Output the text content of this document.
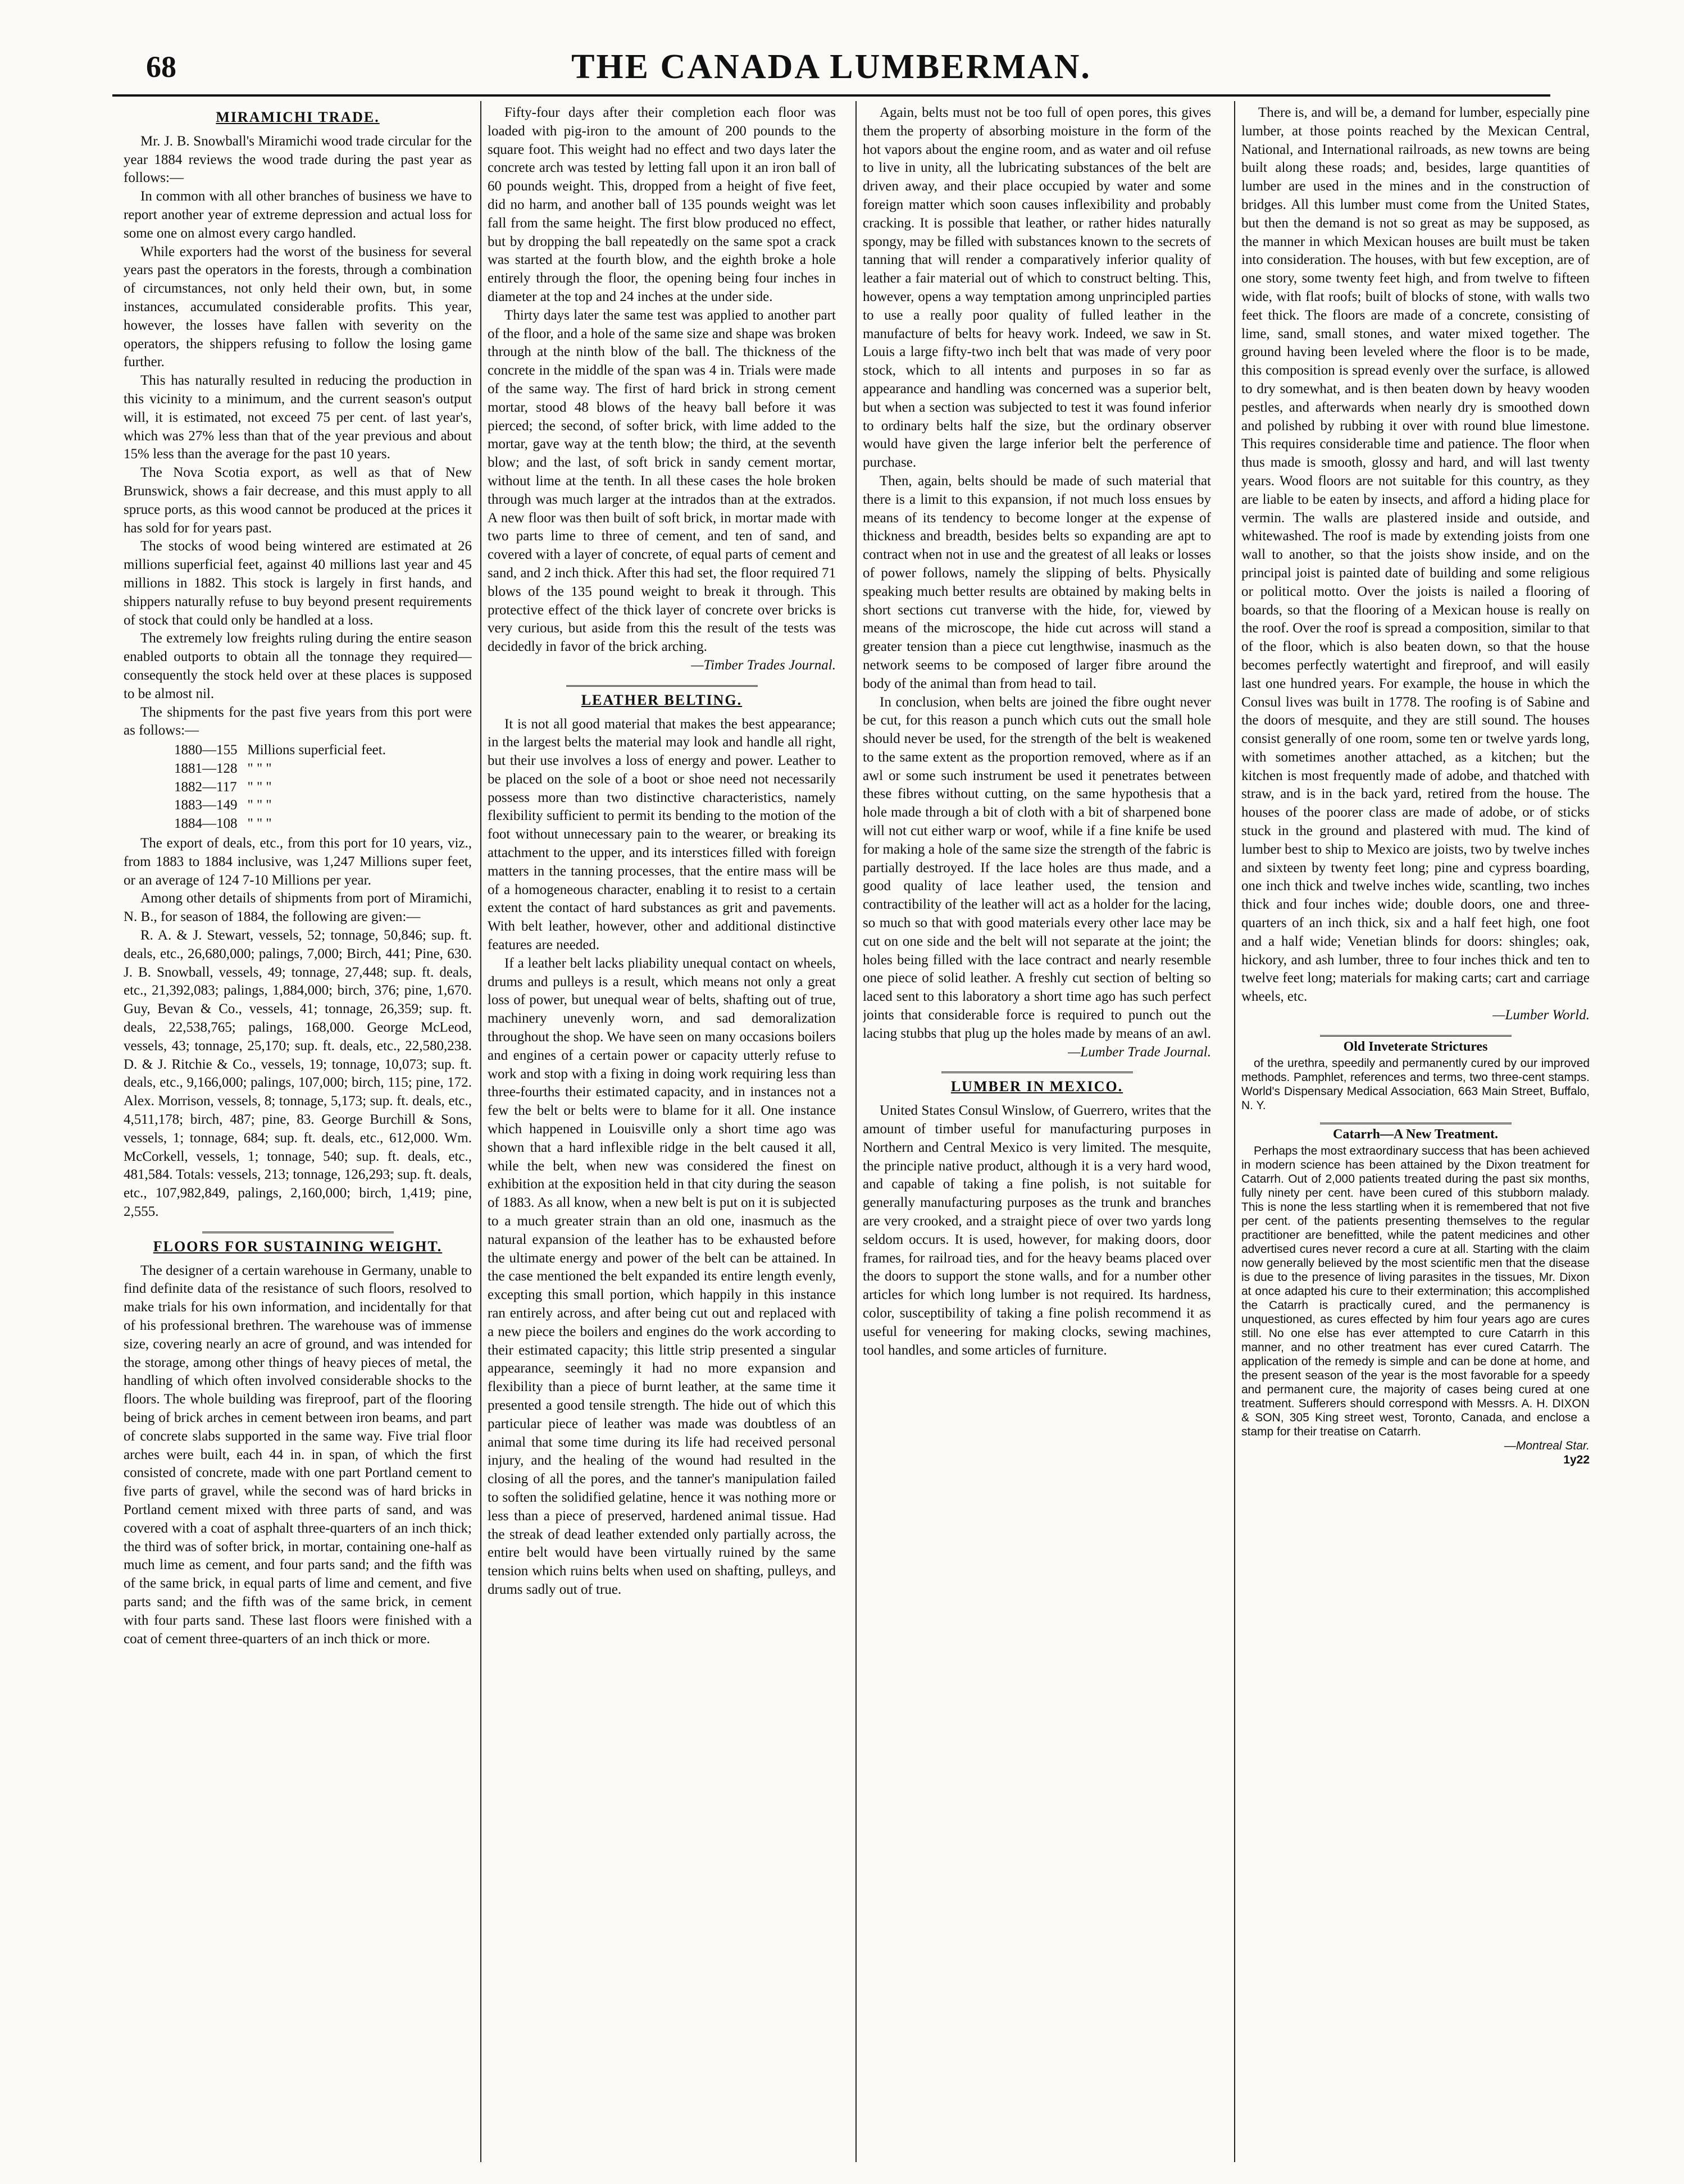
68	THE CANADA LUMBERMAN.
MIRAMICHI TRADE.

Mr. J. B. Snowball's Miramichi wood trade circular for the year 1884 reviews the wood trade during the past year as follows:—

In common with all other branches of business we have to report another year of extreme depression and actual loss for some one on almost every cargo handled.

While exporters had the worst of the business for several years past the operators in the forests, through a combination of circumstances, not only held their own, but, in some instances, accumulated considerable profits. This year, however, the losses have fallen with severity on the operators, the shippers refusing to follow the losing game further.

This has naturally resulted in reducing the production in this vicinity to a minimum, and the current season's output will, it is estimated, not exceed 75 per cent. of last year's, which was 27% less than that of the year previous and about 15% less than the average for the past 10 years.

The Nova Scotia export, as well as that of New Brunswick, shows a fair decrease, and this must apply to all spruce ports, as this wood cannot be produced at the prices it has sold for for years past.

The stocks of wood being wintered are estimated at 26 millions superficial feet, against 40 millions last year and 45 millions in 1882. This stock is largely in first hands, and shippers naturally refuse to buy beyond present requirements of stock that could only be handled at a loss.

The extremely low freights ruling during the entire season enabled outports to obtain all the tonnage they required—consequently the stock held over at these places is supposed to be almost nil.

The shipments for the past five years from this port were as follows:—

1880—155	Millions superficial feet.
1881—128	" " "
1882—117	" " "
1883—149	" " "
1884—108	" " "

The export of deals, etc., from this port for 10 years, viz., from 1883 to 1884 inclusive, was 1,247 Millions super feet, or an average of 124 7-10 Millions per year.

Among other details of shipments from port of Miramichi, N. B., for season of 1884, the following are given:—

R. A. & J. Stewart, vessels, 52; tonnage, 50,846; sup. ft. deals, etc., 26,680,000; palings, 7,000; Birch, 441; Pine, 630. J. B. Snowball, vessels, 49; tonnage, 27,448; sup. ft. deals, etc., 21,392,083; palings, 1,884,000; birch, 376; pine, 1,670. Guy, Bevan & Co., vessels, 41; tonnage, 26,359; sup. ft. deals, 22,538,765; palings, 168,000. George McLeod, vessels, 43; tonnage, 25,170; sup. ft. deals, etc., 22,580,238. D. & J. Ritchie & Co., vessels, 19; tonnage, 10,073; sup. ft. deals, etc., 9,166,000; palings, 107,000; birch, 115; pine, 172. Alex. Morrison, vessels, 8; tonnage, 5,173; sup. ft. deals, etc., 4,511,178; birch, 487; pine, 83. George Burchill & Sons, vessels, 1; tonnage, 684; sup. ft. deals, etc., 612,000. Wm. McCorkell, vessels, 1; tonnage, 540; sup. ft. deals, etc., 481,584. Totals: vessels, 213; tonnage, 126,293; sup. ft. deals, etc., 107,982,849, palings, 2,160,000; birch, 1,419; pine, 2,555.

FLOORS FOR SUSTAINING WEIGHT.

The designer of a certain warehouse in Germany, unable to find definite data of the resistance of such floors, resolved to make trials for his own information, and incidentally for that of his professional brethren. The warehouse was of immense size, covering nearly an acre of ground, and was intended for the storage, among other things of heavy pieces of metal, the handling of which often involved considerable shocks to the floors. The whole building was fireproof, part of the flooring being of brick arches in cement between iron beams, and part of concrete slabs supported in the same way. Five trial floor arches were built, each 44 in. in span, of which the first consisted of concrete, made with one part Portland cement to five parts of gravel, while the second was of hard bricks in Portland cement mixed with three parts of sand, and was covered with a coat of asphalt three-quarters of an inch thick; the third was of softer brick, in mortar, containing one-half as much lime as cement, and four parts sand; and the fifth was of the same brick, in equal parts of lime and cement, and five parts sand; and the fifth was of the same brick, in cement with four parts sand. These last floors were finished with a coat of cement three-quarters of an inch thick or more.

Fifty-four days after their completion each floor was loaded with pig-iron to the amount of 200 pounds to the square foot. This weight had no effect and two days later the concrete arch was tested by letting fall upon it an iron ball of 60 pounds weight. This, dropped from a height of five feet, did no harm, and another ball of 135 pounds weight was let fall from the same height. The first blow produced no effect, but by dropping the ball repeatedly on the same spot a crack was started at the fourth blow, and the eighth broke a hole entirely through the floor, the opening being four inches in diameter at the top and 24 inches at the under side.

Thirty days later the same test was applied to another part of the floor, and a hole of the same size and shape was broken through at the ninth blow of the ball. The thickness of the concrete in the middle of the span was 4 in. Trials were made of the same way. The first of hard brick in strong cement mortar, stood 48 blows of the heavy ball before it was pierced; the second, of softer brick, with lime added to the mortar, gave way at the tenth blow; the third, at the seventh blow; and the last, of soft brick in sandy cement mortar, without lime at the tenth. In all these cases the hole broken through was much larger at the intrados than at the extrados. A new floor was then built of soft brick, in mortar made with two parts lime to three of cement, and ten of sand, and covered with a layer of concrete, of equal parts of cement and sand, and 2 inch thick. After this had set, the floor required 71 blows of the 135 pound weight to break it through. This protective effect of the thick layer of concrete over bricks is very curious, but aside from this the result of the tests was decidedly in favor of the brick arching.

—Timber Trades Journal.

LEATHER BELTING.

It is not all good material that makes the best appearance; in the largest belts the material may look and handle all right, but their use involves a loss of energy and power. Leather to be placed on the sole of a boot or shoe need not necessarily possess more than two distinctive characteristics, namely flexibility sufficient to permit its bending to the motion of the foot without unnecessary pain to the wearer, or breaking its attachment to the upper, and its interstices filled with foreign matters in the tanning processes, that the entire mass will be of a homogeneous character, enabling it to resist to a certain extent the contact of hard substances as grit and pavements. With belt leather, however, other and additional distinctive features are needed.

If a leather belt lacks pliability unequal contact on wheels, drums and pulleys is a result, which means not only a great loss of power, but unequal wear of belts, shafting out of true, machinery unevenly worn, and sad demoralization throughout the shop. We have seen on many occasions boilers and engines of a certain power or capacity utterly refuse to work and stop with a fixing in doing work requiring less than three-fourths their estimated capacity, and in instances not a few the belt or belts were to blame for it all. One instance which happened in Louisville only a short time ago was shown that a hard inflexible ridge in the belt caused it all, while the belt, when new was considered the finest on exhibition at the exposition held in that city during the season of 1883. As all know, when a new belt is put on it is subjected to a much greater strain than an old one, inasmuch as the natural expansion of the leather has to be exhausted before the ultimate energy and power of the belt can be attained. In the case mentioned the belt expanded its entire length evenly, excepting this small portion, which happily in this instance ran entirely across, and after being cut out and replaced with a new piece the boilers and engines do the work according to their estimated capacity; this little strip presented a singular appearance, seemingly it had no more expansion and flexibility than a piece of burnt leather, at the same time it presented a good tensile strength. The hide out of which this particular piece of leather was made was doubtless of an animal that some time during its life had received personal injury, and the healing of the wound had resulted in the closing of all the pores, and the tanner's manipulation failed to soften the solidified gelatine, hence it was nothing more or less than a piece of preserved, hardened animal tissue. Had the streak of dead leather extended only partially across, the entire belt would have been virtually ruined by the same tension which ruins belts when used on shafting, pulleys, and drums sadly out of true.

Again, belts must not be too full of open pores, this gives them the property of absorbing moisture in the form of the hot vapors about the engine room, and as water and oil refuse to live in unity, all the lubricating substances of the belt are driven away, and their place occupied by water and some foreign matter which soon causes inflexibility and probably cracking. It is possible that leather, or rather hides naturally spongy, may be filled with substances known to the secrets of tanning that will render a comparatively inferior quality of leather a fair material out of which to construct belting. This, however, opens a way temptation among unprincipled parties to use a really poor quality of fulled leather in the manufacture of belts for heavy work. Indeed, we saw in St. Louis a large fifty-two inch belt that was made of very poor stock, which to all intents and purposes in so far as appearance and handling was concerned was a superior belt, but when a section was subjected to test it was found inferior to ordinary belts half the size, but the ordinary observer would have given the large inferior belt the perference of purchase.

Then, again, belts should be made of such material that there is a limit to this expansion, if not much loss ensues by means of its tendency to become longer at the expense of thickness and breadth, besides belts so expanding are apt to contract when not in use and the greatest of all leaks or losses of power follows, namely the slipping of belts. Physically speaking much better results are obtained by making belts in short sections cut tranverse with the hide, for, viewed by means of the microscope, the hide cut across will stand a greater tension than a piece cut lengthwise, inasmuch as the network seems to be composed of larger fibre around the body of the animal than from head to tail.

In conclusion, when belts are joined the fibre ought never be cut, for this reason a punch which cuts out the small hole should never be used, for the strength of the belt is weakened to the same extent as the proportion removed, where as if an awl or some such instrument be used it penetrates between these fibres without cutting, on the same hypothesis that a hole made through a bit of cloth with a bit of sharpened bone will not cut either warp or woof, while if a fine knife be used for making a hole of the same size the strength of the fabric is partially destroyed. If the lace holes are thus made, and a good quality of lace leather used, the tension and contractibility of the leather will act as a holder for the lacing, so much so that with good materials every other lace may be cut on one side and the belt will not separate at the joint; the holes being filled with the lace contract and nearly resemble one piece of solid leather. A freshly cut section of belting so laced sent to this laboratory a short time ago has such perfect joints that considerable force is required to punch out the lacing stubbs that plug up the holes made by means of an awl.

—Lumber Trade Journal.

LUMBER IN MEXICO.

United States Consul Winslow, of Guerrero, writes that the amount of timber useful for manufacturing purposes in Northern and Central Mexico is very limited. The mesquite, the principle native product, although it is a very hard wood, and capable of taking a fine polish, is not suitable for generally manufacturing purposes as the trunk and branches are very crooked, and a straight piece of over two yards long seldom occurs. It is used, however, for making doors, door frames, for railroad ties, and for the heavy beams placed over the doors to support the stone walls, and for a number other articles for which long lumber is not required. Its hardness, color, susceptibility of taking a fine polish recommend it as useful for veneering for making clocks, sewing machines, tool handles, and some articles of furniture.

There is, and will be, a demand for lumber, especially pine lumber, at those points reached by the Mexican Central, National, and International railroads, as new towns are being built along these roads; and, besides, large quantities of lumber are used in the mines and in the construction of bridges. All this lumber must come from the United States, but then the demand is not so great as may be supposed, as the manner in which Mexican houses are built must be taken into consideration. The houses, with but few exception, are of one story, some twenty feet high, and from twelve to fifteen wide, with flat roofs; built of blocks of stone, with walls two feet thick. The floors are made of a concrete, consisting of lime, sand, small stones, and water mixed together. The ground having been leveled where the floor is to be made, this composition is spread evenly over the surface, is allowed to dry somewhat, and is then beaten down by heavy wooden pestles, and afterwards when nearly dry is smoothed down and polished by rubbing it over with round blue limestone. This requires considerable time and patience. The floor when thus made is smooth, glossy and hard, and will last twenty years. Wood floors are not suitable for this country, as they are liable to be eaten by insects, and afford a hiding place for vermin. The walls are plastered inside and outside, and whitewashed. The roof is made by extending joists from one wall to another, so that the joists show inside, and on the principal joist is painted date of building and some religious or political motto. Over the joists is nailed a flooring of boards, so that the flooring of a Mexican house is really on the roof. Over the roof is spread a composition, similar to that of the floor, which is also beaten down, so that the house becomes perfectly watertight and fireproof, and will easily last one hundred years. For example, the house in which the Consul lives was built in 1778. The roofing is of Sabine and the doors of mesquite, and they are still sound. The houses consist generally of one room, some ten or twelve yards long, with sometimes another attached, as a kitchen; but the kitchen is most frequently made of adobe, and thatched with straw, and is in the back yard, retired from the house. The houses of the poorer class are made of adobe, or of sticks stuck in the ground and plastered with mud. The kind of lumber best to ship to Mexico are joists, two by twelve inches and sixteen by twenty feet long; pine and cypress boarding, one inch thick and twelve inches wide, scantling, two inches thick and four inches wide; double doors, one and three-quarters of an inch thick, six and a half feet high, one foot and a half wide; Venetian blinds for doors: shingles; oak, hickory, and ash lumber, three to four inches thick and ten to twelve feet long; materials for making carts; cart and carriage wheels, etc.

—Lumber World.

Old Inveterate Strictures

of the urethra, speedily and permanently cured by our improved methods. Pamphlet, references and terms, two three-cent stamps. World's Dispensary Medical Association, 663 Main Street, Buffalo, N. Y.

Catarrh—A New Treatment.

Perhaps the most extraordinary success that has been achieved in modern science has been attained by the Dixon treatment for Catarrh. Out of 2,000 patients treated during the past six months, fully ninety per cent. have been cured of this stubborn malady. This is none the less startling when it is remembered that not five per cent. of the patients presenting themselves to the regular practitioner are benefitted, while the patent medicines and other advertised cures never record a cure at all. Starting with the claim now generally believed by the most scientific men that the disease is due to the presence of living parasites in the tissues, Mr. Dixon at once adapted his cure to their extermination; this accomplished the Catarrh is practically cured, and the permanency is unquestioned, as cures effected by him four years ago are cures still. No one else has ever attempted to cure Catarrh in this manner, and no other treatment has ever cured Catarrh. The application of the remedy is simple and can be done at home, and the present season of the year is the most favorable for a speedy and permanent cure, the majority of cases being cured at one treatment. Sufferers should correspond with Messrs. A. H. DIXON & SON, 305 King street west, Toronto, Canada, and enclose a stamp for their treatise on Catarrh.

—Montreal Star.

1y22
